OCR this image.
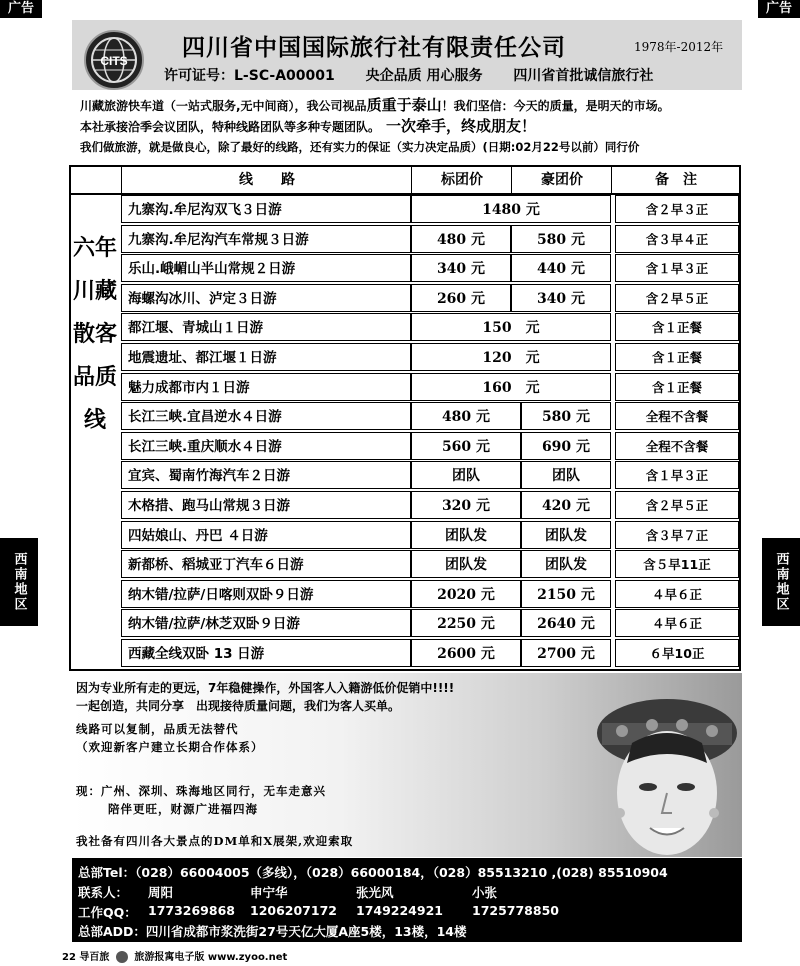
广告	广告
西南地区	西南地区
CITS 四川省中国国际旅行社有限责任公司	1978年-2012年
许可证号：L-SC-A00001 央企品质 用心服务 四川省首批诚信旅行社
川藏旅游快车道（一站式服务,无中间商），我公司视品质重于泰山！我们坚信：今天的质量，是明天的市场。
本社承接洽季会议团队，特种线路团队等多种专题团队。　 一次牵手，终成朋友！
我们做旅游，就是做良心，除了最好的线路，还有实力的保证（实力决定品质）(日期:02月22号以前）同行价
线　　路	标团价	豪团价	备　注
六年川藏散客品质线
九寨沟.牟尼沟双飞３日游	1480 元	含２早３正
九寨沟.牟尼沟汽车常规３日游	480 元	580 元	含３早４正
乐山.峨嵋山半山常规２日游	340 元	440 元	含１早３正
海螺沟冰川、泸定３日游	260 元	340 元	含２早５正
都江堰、青城山１日游	150　元	含１正餐
地震遗址、都江堰１日游	120　元	含１正餐
魅力成都市内１日游	160　元	含１正餐
长江三峡.宜昌逆水４日游	480 元	580 元	全程不含餐
长江三峡.重庆顺水４日游	560 元	690 元	全程不含餐
宜宾、蜀南竹海汽车２日游	团队	团队	含１早３正
木格措、跑马山常规３日游	320 元	420 元	含２早５正
四姑娘山、丹巴 ４日游	团队发	团队发	含３早７正
新都桥、稻城亚丁汽车６日游	团队发	团队发	含５早11正
纳木错/拉萨/日喀则双卧９日游	2020 元	2150 元	４早６正
纳木错/拉萨/林芝双卧９日游	2250 元	2640 元	４早６正
西藏全线双卧 13 日游	2600 元	2700 元	６早10正
因为专业所有走的更远，7年稳健操作，外国客人入籍游低价促销中!!!!
一起创造，共同分享　出现接待质量问题，我们为客人买单。
线路可以复制，品质无法替代
（欢迎新客户建立长期合作体系）
现：广州、深圳、珠海地区同行，无车走意兴
陪伴更旺，财源广进福四海
我社备有四川各大景点的DM单和X展架,欢迎索取
总部Tel：（028）66004005（多线），（028）66000184，（028）85513210 ,(028) 85510904
联系人： 周阳	申宁华	张光风	小张
工作QQ： 1773269868 1206207172 1749224921 1725778850
总部ADD：四川省成都市浆洗街27号天亿大厦A座5楼，13楼，14楼
22 导百旅 旅游报寓电子版 www.zyoo.net
